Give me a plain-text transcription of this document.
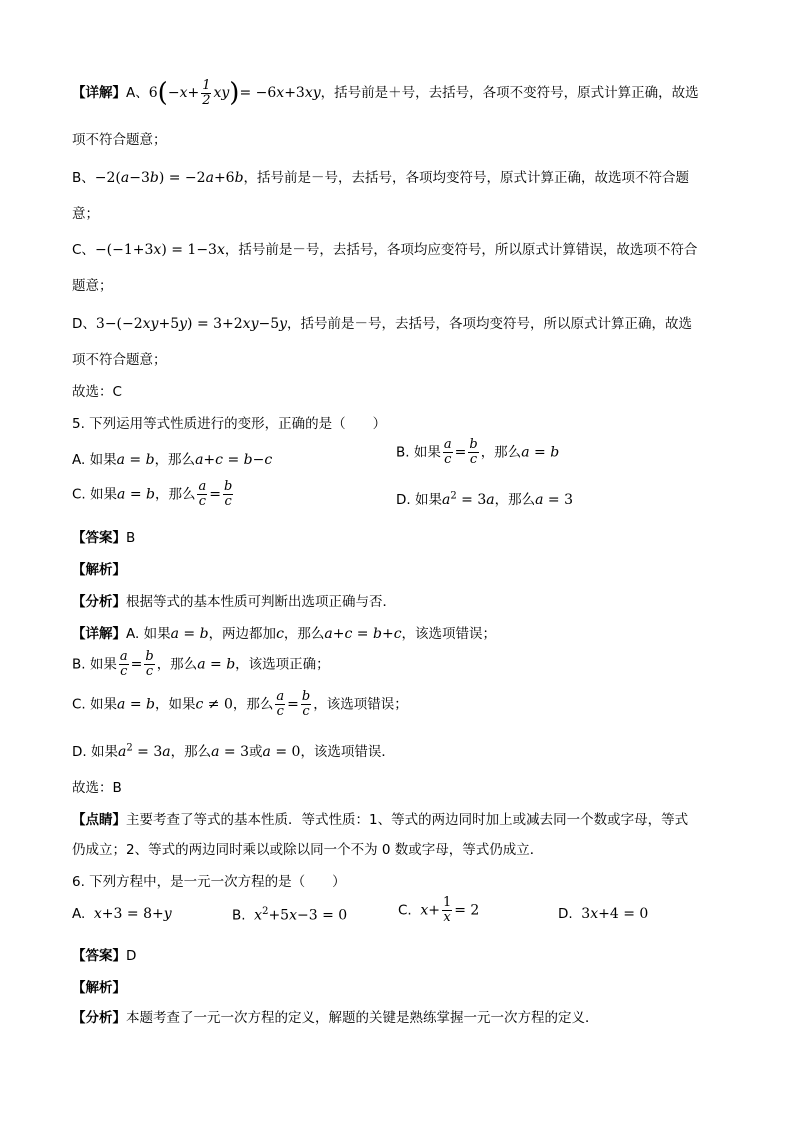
【详解】A、$6(-x+ \frac{1}{2} xy)= -6x+3xy$，括号前是＋号，去括号，各项不变符号，原式计算正确，故选
项不符合题意；
B、−2(a−3b) = −2a+6b，括号前是－号，去括号，各项均变符号，原式计算正确，故选项不符合题
意；
C、−(−1+3x) = 1−3x，括号前是－号，去括号，各项均应变符号，所以原式计算错误，故选项不符合
题意；
D、3−(−2xy+5y) = 3+2xy−5y，括号前是－号，去括号，各项均变符号，所以原式计算正确，故选
项不符合题意；
故选：C
5. 下列运用等式性质进行的变形，正确的是（　　）
A. 如果a = b，那么a+c = b−c	B. 如果 $\frac{a}{c} = \frac{b}{c}$ ，那么a = b
C. 如果a = b，那么 $\frac{a}{c} = \frac{b}{c}$	D. 如果$a^2 = 3a$，那么a = 3
【答案】B
【解析】
【分析】根据等式的基本性质可判断出选项正确与否．
【详解】A. 如果a = b，两边都加c，那么a+c = b+c，该选项错误；
B. 如果 $\frac{a}{c} = \frac{b}{c}$ ，那么a = b，该选项正确；
C. 如果a = b，如果c ≠ 0，那么 $\frac{a}{c} = \frac{b}{c}$ ，该选项错误；
D. 如果$a^2 = 3a$，那么a = 3或a = 0，该选项错误．
故选：B
【点睛】主要考查了等式的基本性质．等式性质：1、等式的两边同时加上或减去同一个数或字母，等式
仍成立；2、等式的两边同时乘以或除以同一个不为 0 数或字母，等式仍成立．
6. 下列方程中，是一元一次方程的是（　　）
A. x+3 = 8+y	B. $x^2+5x-3 = 0$	C. $x+ \frac{1}{x} = 2$	D. 3x+4 = 0
【答案】D
【解析】
【分析】本题考查了一元一次方程的定义，解题的关键是熟练掌握一元一次方程的定义．
